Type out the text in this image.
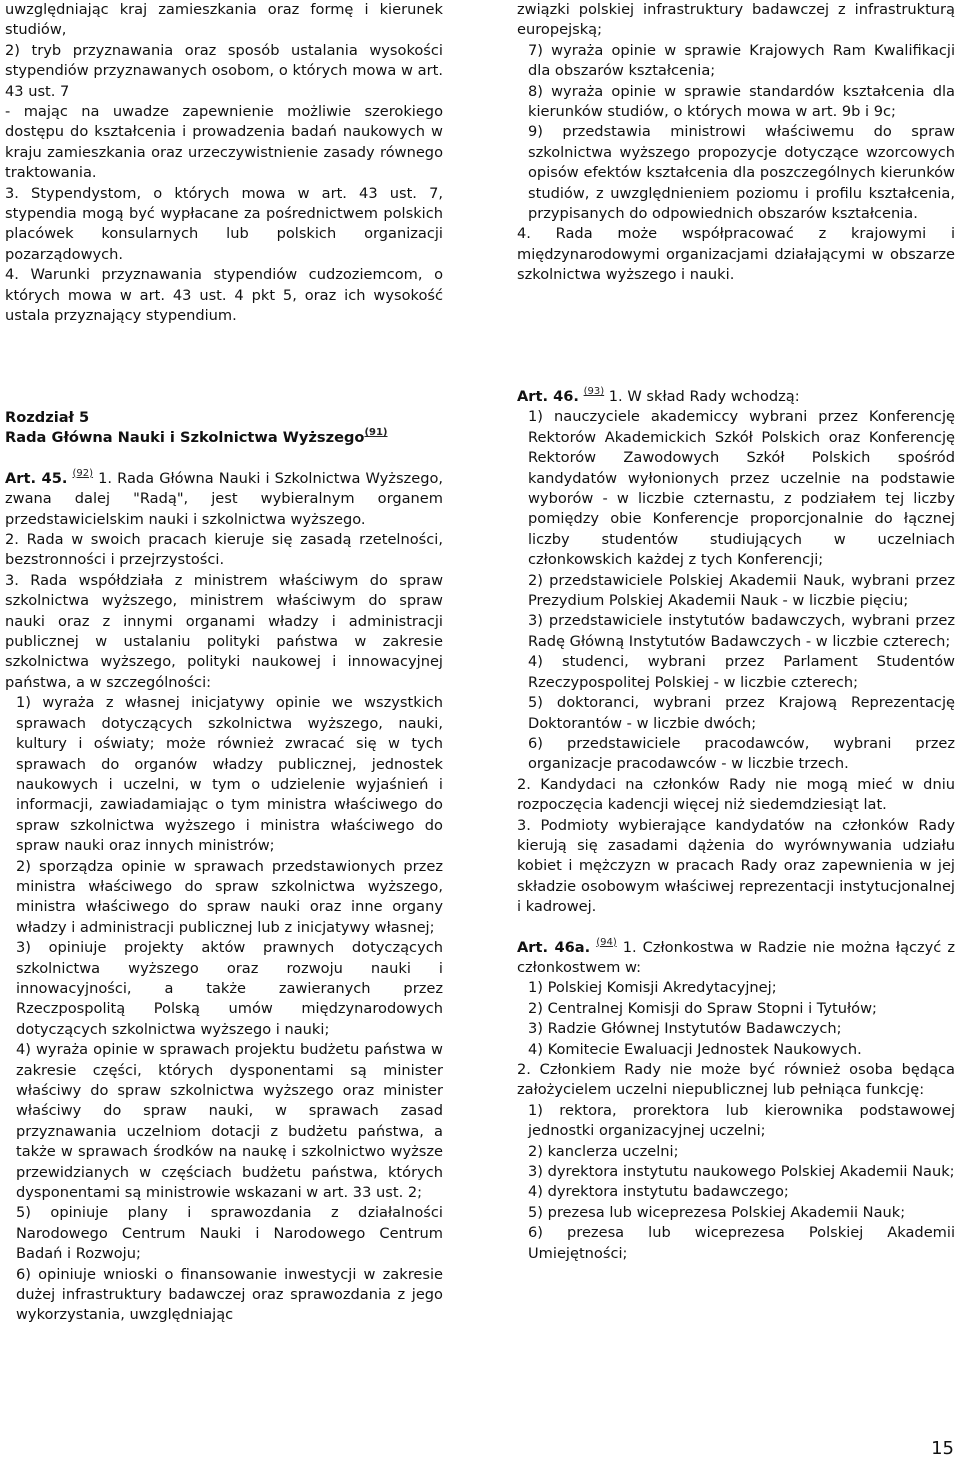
uwzględniając kraj zamieszkania oraz formę i kierunek studiów,

2) tryb przyznawania oraz sposób ustalania wysokości stypendiów przyznawanych osobom, o których mowa w art. 43 ust. 7

- mając na uwadze zapewnienie możliwie szerokiego dostępu do kształcenia i prowadzenia badań naukowych w kraju zamieszkania oraz urzeczywistnienie zasady równego traktowania.

3. Stypendystom, o których mowa w art. 43 ust. 7, stypendia mogą być wypłacane za pośrednictwem polskich placówek konsularnych lub polskich organizacji pozarządowych.

4. Warunki przyznawania stypendiów cudzoziemcom, o których mowa w art. 43 ust. 4 pkt 5, oraz ich wysokość ustala przyznający stypendium.

związki polskiej infrastruktury badawczej z infrastrukturą europejską;

7) wyraża opinie w sprawie Krajowych Ram Kwalifikacji dla obszarów kształcenia;

8) wyraża opinie w sprawie standardów kształcenia dla kierunków studiów, o których mowa w art. 9b i 9c;

9) przedstawia ministrowi właściwemu do spraw szkolnictwa wyższego propozycje dotyczące wzorcowych opisów efektów kształcenia dla poszczególnych kierunków studiów, z uwzględnieniem poziomu i profilu kształcenia, przypisanych do odpowiednich obszarów kształcenia.

4. Rada może współpracować z krajowymi i międzynarodowymi organizacjami działającymi w obszarze szkolnictwa wyższego i nauki.

Rozdział 5

Rada Główna Nauki i Szkolnictwa Wyższego$^{(91)}$

Art. 45. $^{(92)}$ 1. Rada Główna Nauki i Szkolnictwa Wyższego, zwana dalej "Radą", jest wybieralnym organem przedstawicielskim nauki i szkolnictwa wyższego.

2. Rada w swoich pracach kieruje się zasadą rzetelności, bezstronności i przejrzystości.

3. Rada współdziała z ministrem właściwym do spraw szkolnictwa wyższego, ministrem właściwym do spraw nauki oraz z innymi organami władzy i administracji publicznej w ustalaniu polityki państwa w zakresie szkolnictwa wyższego, polityki naukowej i innowacyjnej państwa, a w szczególności:

1) wyraża z własnej inicjatywy opinie we wszystkich sprawach dotyczących szkolnictwa wyższego, nauki, kultury i oświaty; może również zwracać się w tych sprawach do organów władzy publicznej, jednostek naukowych i uczelni, w tym o udzielenie wyjaśnień i informacji, zawiadamiając o tym ministra właściwego do spraw szkolnictwa wyższego i ministra właściwego do spraw nauki oraz innych ministrów;

2) sporządza opinie w sprawach przedstawionych przez ministra właściwego do spraw szkolnictwa wyższego, ministra właściwego do spraw nauki oraz inne organy władzy i administracji publicznej lub z inicjatywy własnej;

3) opiniuje projekty aktów prawnych dotyczących szkolnictwa wyższego oraz rozwoju nauki i innowacyjności, a także zawieranych przez Rzeczpospolitą Polską umów międzynarodowych dotyczących szkolnictwa wyższego i nauki;

4) wyraża opinie w sprawach projektu budżetu państwa w zakresie części, których dysponentami są minister właściwy do spraw szkolnictwa wyższego oraz minister właściwy do spraw nauki, w sprawach zasad przyznawania uczelniom dotacji z budżetu państwa, a także w sprawach środków na naukę i szkolnictwo wyższe przewidzianych w częściach budżetu państwa, których dysponentami są ministrowie wskazani w art. 33 ust. 2;

5) opiniuje plany i sprawozdania z działalności Narodowego Centrum Nauki i Narodowego Centrum Badań i Rozwoju;

6) opiniuje wnioski o finansowanie inwestycji w zakresie dużej infrastruktury badawczej oraz sprawozdania z jego wykorzystania, uwzględniając

Art. 46. $^{(93)}$ 1. W skład Rady wchodzą:

1) nauczyciele akademiccy wybrani przez Konferencję Rektorów Akademickich Szkół Polskich oraz Konferencję Rektorów Zawodowych Szkół Polskich spośród kandydatów wyłonionych przez uczelnie na podstawie wyborów - w liczbie czternastu, z podziałem tej liczby pomiędzy obie Konferencje proporcjonalnie do łącznej liczby studentów studiujących w uczelniach członkowskich każdej z tych Konferencji;

2) przedstawiciele Polskiej Akademii Nauk, wybrani przez Prezydium Polskiej Akademii Nauk - w liczbie pięciu;

3) przedstawiciele instytutów badawczych, wybrani przez Radę Główną Instytutów Badawczych - w liczbie czterech;

4) studenci, wybrani przez Parlament Studentów Rzeczypospolitej Polskiej - w liczbie czterech;

5) doktoranci, wybrani przez Krajową Reprezentację Doktorantów - w liczbie dwóch;

6) przedstawiciele pracodawców, wybrani przez organizacje pracodawców - w liczbie trzech.

2. Kandydaci na członków Rady nie mogą mieć w dniu rozpoczęcia kadencji więcej niż siedemdziesiąt lat.

3. Podmioty wybierające kandydatów na członków Rady kierują się zasadami dążenia do wyrównywania udziału kobiet i mężczyzn w pracach Rady oraz zapewnienia w jej składzie osobowym właściwej reprezentacji instytucjonalnej i kadrowej.

Art. 46a. $^{(94)}$ 1. Członkostwa w Radzie nie można łączyć z członkostwem w:

1) Polskiej Komisji Akredytacyjnej;

2) Centralnej Komisji do Spraw Stopni i Tytułów;

3) Radzie Głównej Instytutów Badawczych;

4) Komitecie Ewaluacji Jednostek Naukowych.

2. Członkiem Rady nie może być również osoba będąca założycielem uczelni niepublicznej lub pełniąca funkcję:

1) rektora, prorektora lub kierownika podstawowej jednostki organizacyjnej uczelni;

2) kanclerza uczelni;

3) dyrektora instytutu naukowego Polskiej Akademii Nauk;

4) dyrektora instytutu badawczego;

5) prezesa lub wiceprezesa Polskiej Akademii Nauk;

6) prezesa lub wiceprezesa Polskiej Akademii Umiejętności;

15
